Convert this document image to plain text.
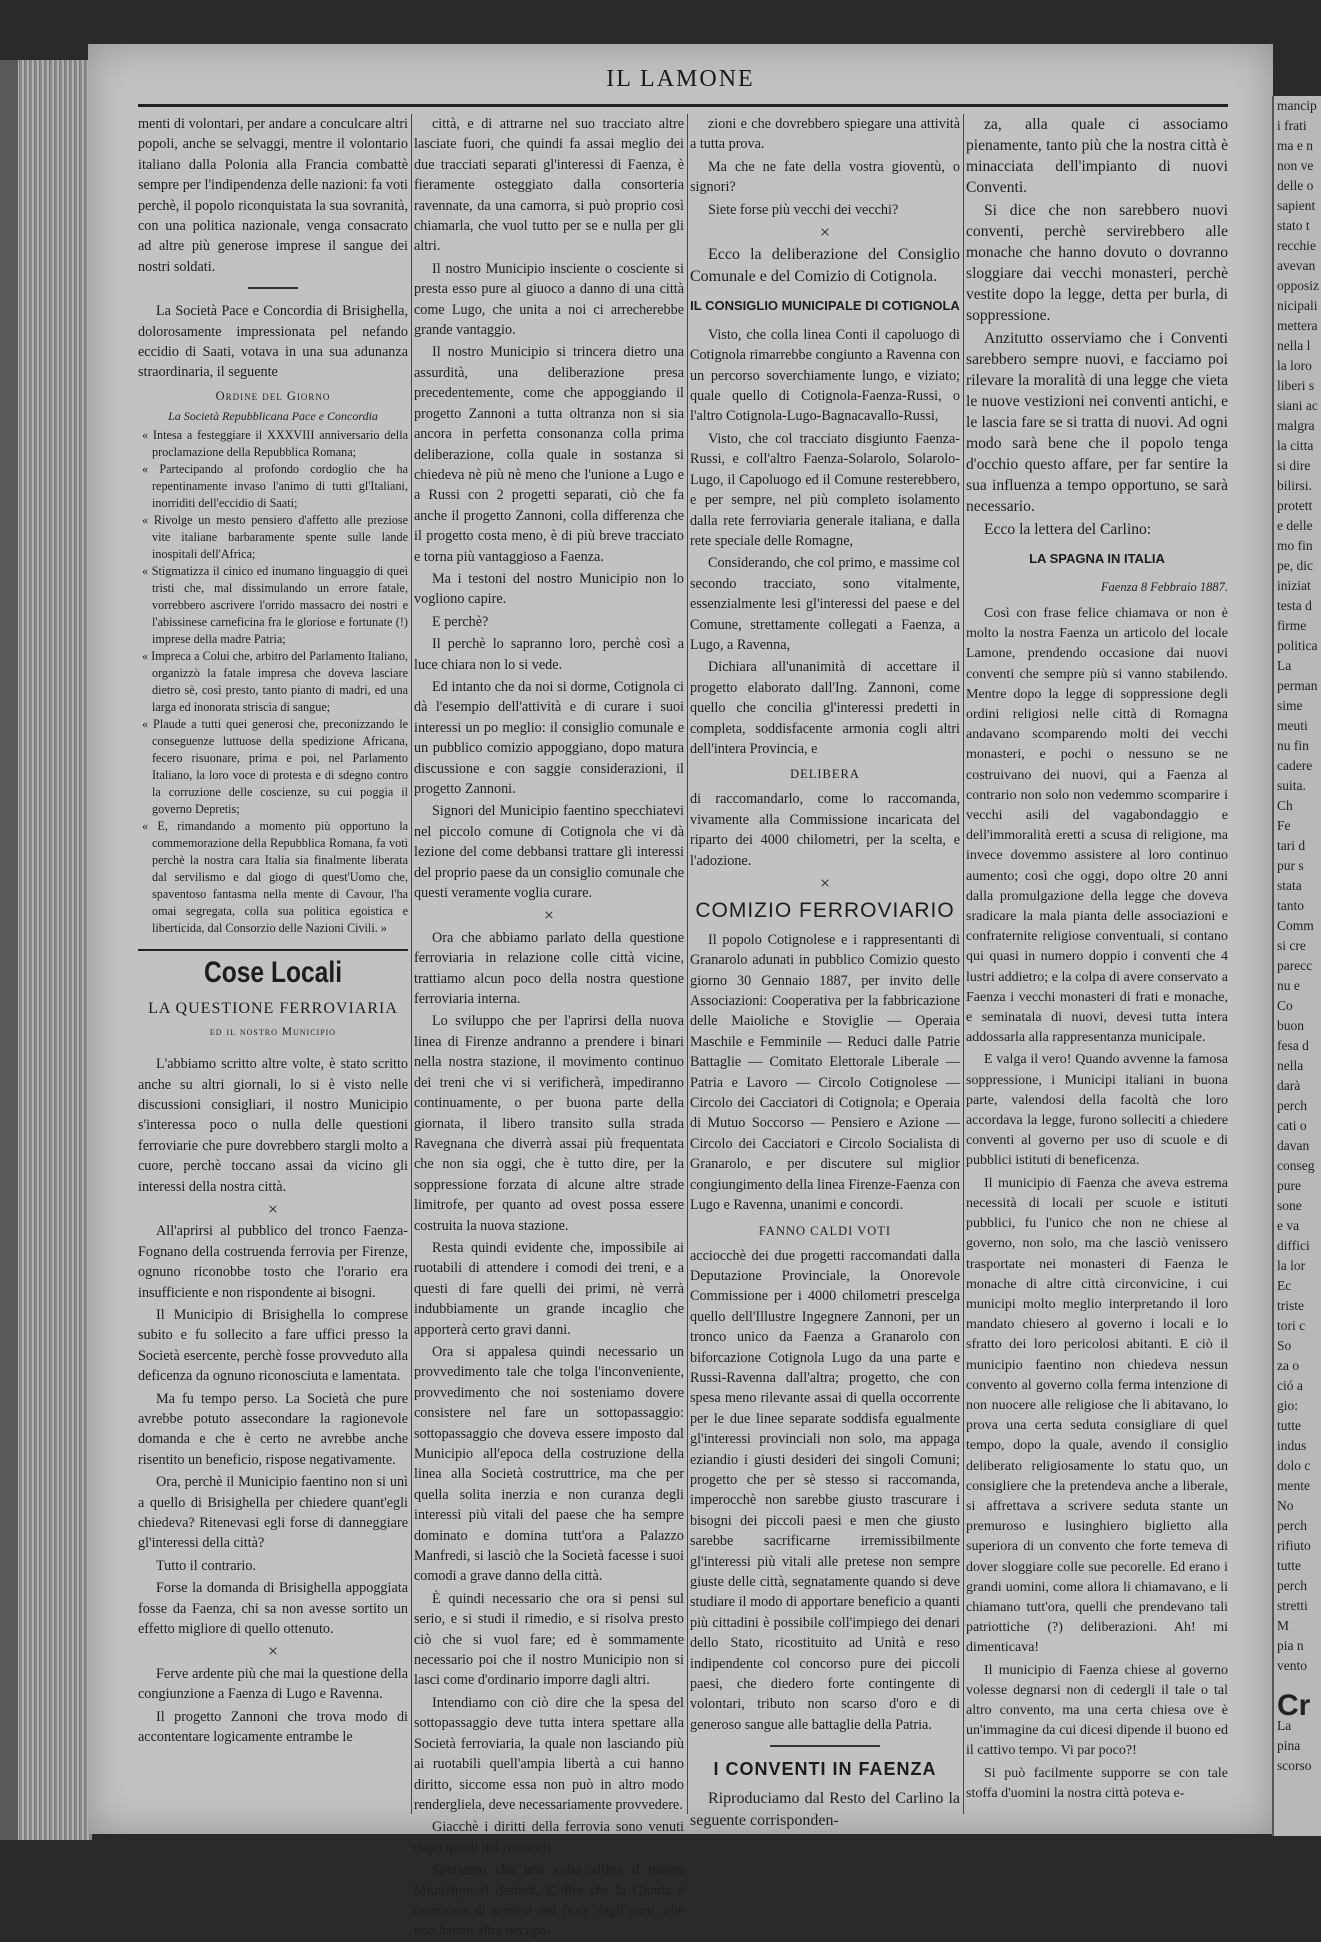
IL LAMONE

menti di volontari, per andare a conculcare altri popoli, anche se selvaggi, mentre il volontario italiano dalla Polonia alla Francia combattè sempre per l'indipendenza delle nazioni: fa voti perchè, il popolo riconquistata la sua sovranità, con una politica nazionale, venga consacrato ad altre più generose imprese il sangue dei nostri soldati.

La Società Pace e Concordia di Brisighella, dolorosamente impressionata pel nefando eccidio di Saati, votava in una sua adunanza straordinaria, il seguente

Ordine del Giorno

La Società Repubblicana Pace e Concordia

« Intesa a festeggiare il XXXVIII anniversario della proclamazione della Repubblica Romana;

« Partecipando al profondo cordoglio che ha repentinamente invaso l'animo di tutti gl'Italiani, inorriditi dell'eccidio di Saati;

« Rivolge un mesto pensiero d'affetto alle preziose vite italiane barbaramente spente sulle lande inospitali dell'Africa;

« Stigmatizza il cinico ed inumano linguaggio di quei tristi che, mal dissimulando un errore fatale, vorrebbero ascrivere l'orrido massacro dei nostri e l'abissinese carneficina fra le gloriose e fortunate (!) imprese della madre Patria;

« Impreca a Colui che, arbitro del Parlamento Italiano, organizzò la fatale impresa che doveva lasciare dietro sè, così presto, tanto pianto di madri, ed una larga ed inonorata striscia di sangue;

« Plaude a tutti quei generosi che, preconizzando le conseguenze luttuose della spedizione Africana, fecero risuonare, prima e poi, nel Parlamento Italiano, la loro voce di protesta e di sdegno contro la corruzione delle coscienze, su cui poggia il governo Depretis;

« E, rimandando a momento più opportuno la commemorazione della Repubblica Romana, fa voti perchè la nostra cara Italia sia finalmente liberata dal servilismo e dal giogo di quest'Uomo che, spaventoso fantasma nella mente di Cavour, l'ha omai segregata, colla sua politica egoistica e liberticida, dal Consorzio delle Nazioni Civili. »

Cose Locali
LA QUESTIONE FERROVIARIA
ed il nostro Municipio

L'abbiamo scritto altre volte, è stato scritto anche su altri giornali, lo si è visto nelle discussioni consigliari, il nostro Municipio s'interessa poco o nulla delle questioni ferroviarie che pure dovrebbero stargli molto a cuore, perchè toccano assai da vicino gli interessi della nostra città.

×

All'aprirsi al pubblico del tronco Faenza-Fognano della costruenda ferrovia per Firenze, ognuno riconobbe tosto che l'orario era insufficiente e non rispondente ai bisogni.

Il Municipio di Brisighella lo comprese subito e fu sollecito a fare uffici presso la Società esercente, perchè fosse provveduto alla deficenza da ognuno riconosciuta e lamentata.

Ma fu tempo perso. La Società che pure avrebbe potuto assecondare la ragionevole domanda e che è certo ne avrebbe anche risentito un beneficio, rispose negativamente.

Ora, perchè il Municipio faentino non si unì a quello di Brisighella per chiedere quant'egli chiedeva? Ritenevasi egli forse di danneggiare gl'interessi della città?

Tutto il contrario.

Forse la domanda di Brisighella appoggiata fosse da Faenza, chi sa non avesse sortito un effetto migliore di quello ottenuto.

×

Ferve ardente più che mai la questione della congiunzione a Faenza di Lugo e Ravenna.

Il progetto Zannoni che trova modo di accontentare logicamente entrambe le

città, e di attrarne nel suo tracciato altre lasciate fuori, che quindi fa assai meglio dei due tracciati separati gl'interessi di Faenza, è fieramente osteggiato dalla consorteria ravennate, da una camorra, si può proprio così chiamarla, che vuol tutto per se e nulla per gli altri.

Il nostro Municipio insciente o cosciente si presta esso pure al giuoco a danno di una città come Lugo, che unita a noi ci arrecherebbe grande vantaggio.

Il nostro Municipio si trincera dietro una assurdità, una deliberazione presa precedentemente, come che appoggiando il progetto Zannoni a tutta oltranza non si sia ancora in perfetta consonanza colla prima deliberazione, colla quale in sostanza si chiedeva nè più nè meno che l'unione a Lugo e a Russi con 2 progetti separati, ciò che fa anche il progetto Zannoni, colla differenza che il progetto costa meno, è di più breve tracciato e torna più vantaggioso a Faenza.

Ma i testoni del nostro Municipio non lo vogliono capire.

E perchè?

Il perchè lo sapranno loro, perchè così a luce chiara non lo si vede.

Ed intanto che da noi si dorme, Cotignola ci dà l'esempio dell'attività e di curare i suoi interessi un po meglio: il consiglio comunale e un pubblico comizio appoggiano, dopo matura discussione e con saggie considerazioni, il progetto Zannoni.

Signori del Municipio faentino specchiatevi nel piccolo comune di Cotignola che vi dà lezione del come debbansi trattare gli interessi del proprio paese da un consiglio comunale che questi veramente voglia curare.

×

Ora che abbiamo parlato della questione ferroviaria in relazione colle città vicine, trattiamo alcun poco della nostra questione ferroviaria interna.

Lo sviluppo che per l'aprirsi della nuova linea di Firenze andranno a prendere i binari nella nostra stazione, il movimento continuo dei treni che vi si verificherà, impediranno continuamente, o per buona parte della giornata, il libero transito sulla strada Ravegnana che diverrà assai più frequentata che non sia oggi, che è tutto dire, per la soppressione forzata di alcune altre strade limitrofe, per quanto ad ovest possa essere costruita la nuova stazione.

Resta quindi evidente che, impossibile ai ruotabili di attendere i comodi dei treni, e a questi di fare quelli dei primi, nè verrà indubbiamente un grande incaglio che apporterà certo gravi danni.

Ora si appalesa quindi necessario un provvedimento tale che tolga l'inconveniente, provvedimento che noi sosteniamo dovere consistere nel fare un sottopassaggio: sottopassaggio che doveva essere imposto dal Municipio all'epoca della costruzione della linea alla Società costruttrice, ma che per quella solita inerzia e non curanza degli interessi più vitali del paese che ha sempre dominato e domina tutt'ora a Palazzo Manfredi, si lasciò che la Società facesse i suoi comodi a grave danno della città.

È quindi necessario che ora si pensi sul serio, e si studi il rimedio, e si risolva presto ciò che si vuol fare; ed è sommamente necessario poi che il nostro Municipio non si lasci come d'ordinario imporre dagli altri.

Intendiamo con ciò dire che la spesa del sottopassaggio deve tutta intera spettare alla Società ferroviaria, la quale non lasciando più ai ruotabili quell'ampia libertà a cui hanno diritto, siccome essa non può in altro modo rendergliela, deve necessariamente provvedere.

Giacchè i diritti della ferrovia sono venuti dopo quelli dei ruotabili.

Speriamo che una volta alfine il nostro Municipio si desterà. E dire che la Giunta è composta di uomini nel fiore degli anni, che non hanno altre occupa-

zioni e che dovrebbero spiegare una attività a tutta prova.

Ma che ne fate della vostra gioventù, o signori?

Siete forse più vecchi dei vecchi?

×

Ecco la deliberazione del Consiglio Comunale e del Comizio di Cotignola.

IL CONSIGLIO MUNICIPALE DI COTIGNOLA

Visto, che colla linea Conti il capoluogo di Cotignola rimarrebbe congiunto a Ravenna con un percorso soverchiamente lungo, e viziato; quale quello di Cotignola-Faenza-Russi, o l'altro Cotignola-Lugo-Bagnacavallo-Russi,

Visto, che col tracciato disgiunto Faenza-Russi, e coll'altro Faenza-Solarolo, Solarolo-Lugo, il Capoluogo ed il Comune resterebbero, e per sempre, nel più completo isolamento dalla rete ferroviaria generale italiana, e dalla rete speciale delle Romagne,

Considerando, che col primo, e massime col secondo tracciato, sono vitalmente, essenzialmente lesi gl'interessi del paese e del Comune, strettamente collegati a Faenza, a Lugo, a Ravenna,

Dichiara all'unanimità di accettare il progetto elaborato dall'Ing. Zannoni, come quello che concilia gl'interessi predetti in completa, soddisfacente armonia cogli altri dell'intera Provincia, e

DELIBERA

di raccomandarlo, come lo raccomanda, vivamente alla Commissione incaricata del riparto dei 4000 chilometri, per la scelta, e l'adozione.

×
COMIZIO FERROVIARIO

Il popolo Cotignolese e i rappresentanti di Granarolo adunati in pubblico Comizio questo giorno 30 Gennaio 1887, per invito delle Associazioni: Cooperativa per la fabbricazione delle Maioliche e Stoviglie — Operaia Maschile e Femminile — Reduci dalle Patrie Battaglie — Comitato Elettorale Liberale — Patria e Lavoro — Circolo Cotignolese — Circolo dei Cacciatori di Cotignola; e Operaia di Mutuo Soccorso — Pensiero e Azione — Circolo dei Cacciatori e Circolo Socialista di Granarolo, e per discutere sul miglior congiungimento della linea Firenze-Faenza con Lugo e Ravenna, unanimi e concordi.

FANNO CALDI VOTI

acciocchè dei due progetti raccomandati dalla Deputazione Provinciale, la Onorevole Commissione per i 4000 chilometri prescelga quello dell'Illustre Ingegnere Zannoni, per un tronco unico da Faenza a Granarolo con biforcazione Cotignola Lugo da una parte e Russi-Ravenna dall'altra; progetto, che con spesa meno rilevante assai di quella occorrente per le due linee separate soddisfa egualmente gl'interessi provinciali non solo, ma appaga eziandio i giusti desideri dei singoli Comuni; progetto che per sè stesso si raccomanda, imperocchè non sarebbe giusto trascurare i bisogni dei piccoli paesi e men che giusto sarebbe sacrificarne irremissibilmente gl'interessi più vitali alle pretese non sempre giuste delle città, segnatamente quando si deve studiare il modo di apportare beneficio a quanti più cittadini è possibile coll'impiego dei denari dello Stato, ricostituito ad Unità e reso indipendente col concorso pure dei piccoli paesi, che diedero forte contingente di volontari, tributo non scarso d'oro e di generoso sangue alle battaglie della Patria.

I CONVENTI IN FAENZA

Riproduciamo dal Resto del Carlino la seguente corrisponden-

za, alla quale ci associamo pienamente, tanto più che la nostra città è minacciata dell'impianto di nuovi Conventi.

Si dice che non sarebbero nuovi conventi, perchè servirebbero alle monache che hanno dovuto o dovranno sloggiare dai vecchi monasteri, perchè vestite dopo la legge, detta per burla, di soppressione.

Anzitutto osserviamo che i Conventi sarebbero sempre nuovi, e facciamo poi rilevare la moralità di una legge che vieta le nuove vestizioni nei conventi antichi, e le lascia fare se si tratta di nuovi. Ad ogni modo sarà bene che il popolo tenga d'occhio questo affare, per far sentire la sua influenza a tempo opportuno, se sarà necessario.

Ecco la lettera del Carlino:

LA SPAGNA IN ITALIA
Faenza 8 Febbraio 1887.

Così con frase felice chiamava or non è molto la nostra Faenza un articolo del locale Lamone, prendendo occasione dai nuovi conventi che sempre più si vanno stabilendo. Mentre dopo la legge di soppressione degli ordini religiosi nelle città di Romagna andavano scomparendo molti dei vecchi monasteri, e pochi o nessuno se ne costruivano dei nuovi, qui a Faenza al contrario non solo non vedemmo scomparire i vecchi asili del vagabondaggio e dell'immoralità eretti a scusa di religione, ma invece dovemmo assistere al loro continuo aumento; così che oggi, dopo oltre 20 anni dalla promulgazione della legge che doveva sradicare la mala pianta delle associazioni e confraternite religiose conventuali, si contano qui quasi in numero doppio i conventi che 4 lustri addietro; e la colpa di avere conservato a Faenza i vecchi monasteri di frati e monache, e seminatala di nuovi, devesi tutta intera addossarla alla rappresentanza municipale.

E valga il vero! Quando avvenne la famosa soppressione, i Municipi italiani in buona parte, valendosi della facoltà che loro accordava la legge, furono solleciti a chiedere conventi al governo per uso di scuole e di pubblici istituti di beneficenza.

Il municipio di Faenza che aveva estrema necessità di locali per scuole e istituti pubblici, fu l'unico che non ne chiese al governo, non solo, ma che lasciò venissero trasportate nei monasteri di Faenza le monache di altre città circonvicine, i cui municipi molto meglio interpretando il loro mandato chiesero al governo i locali e lo sfratto dei loro pericolosi abitanti. E ciò il municipio faentino non chiedeva nessun convento al governo colla ferma intenzione di non nuocere alle religiose che li abitavano, lo prova una certa seduta consigliare di quel tempo, dopo la quale, avendo il consiglio deliberato religiosamente lo statu quo, un consigliere che la pretendeva anche a liberale, si affrettava a scrivere seduta stante un premuroso e lusinghiero biglietto alla superiora di un convento che forte temeva di dover sloggiare colle sue pecorelle. Ed erano i grandi uomini, come allora li chiamavano, e li chiamano tutt'ora, quelli che prendevano tali patriottiche (?) deliberazioni. Ah! mi dimenticava!

Il municipio di Faenza chiese al governo volesse degnarsi non di cedergli il tale o tal altro convento, ma una certa chiesa ove è un'immagine da cui dicesi dipende il buono ed il cattivo tempo. Vi par poco?!

Si può facilmente supporre se con tale stoffa d'uomini la nostra città poteva e-

mancip
i frati
ma e n
non ve
delle o
sapient
stato t
recchie
avevan
opposiz
nicipali
mettera
nella l
la loro
liberi s
siani ac
malgra
la citta
si dire
bilirsi.
protett
e delle
mo fin
pe, dic
iniziat
testa d
firme
politica
La
perman
sime
meuti
nu fin
cadere
suita.
Ch
Fe
tari d
pur s
stata
tanto
Comm
si cre
parecc
nu e
Co
buon
fesa d
nella
darà
perch
cati o
davan
conseg
pure
sone
e va
diffici
la lor
Ec
triste
tori c
So
za o
ció a
gio:
tutte
indus
dolo c
mente
No
perch
rifiuto
tutte
perch
stretti
M
pia n
vento
Cr
La
pina
scorso
